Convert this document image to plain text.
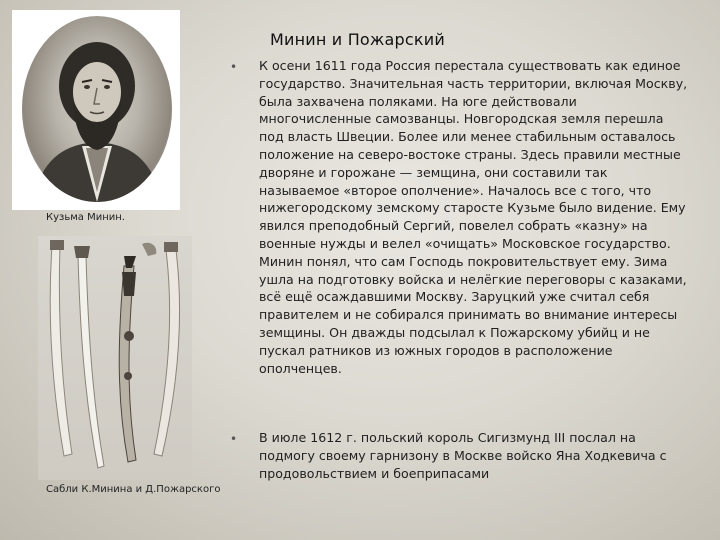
Кузьма Минин.
Сабли К.Минина и Д.Пожарского
Минин и Пожарский
• К осени 1611 года Россия перестала существовать как единое государство. Значительная часть территории, включая Москву, была захвачена поляками. На юге действовали многочисленные самозванцы. Новгородская земля перешла под власть Швеции. Более или менее стабильным оставалось положение на северо-востоке страны. Здесь правили местные дворяне и горожане — земщина, они составили так называемое «второе ополчение». Началось все с того, что нижегородскому земскому старосте Кузьме было видение. Ему явился преподобный Сергий, повелел собрать «казну» на военные нужды и велел «очищать» Московское государство. Минин понял, что сам Господь покровительствует ему. Зима ушла на подготовку войска и нелёгкие переговоры с казаками, всё ещё осаждавшими Москву. Заруцкий уже считал себя правителем и не собирался принимать во внимание интересы земщины. Он дважды подсылал к Пожарскому убийц и не пускал ратников из южных городов в расположение ополченцев.
• В июле 1612 г. польский король Сигизмунд III послал на подмогу своему гарнизону в Москве войско Яна Ходкевича с продовольствием и боеприпасами
